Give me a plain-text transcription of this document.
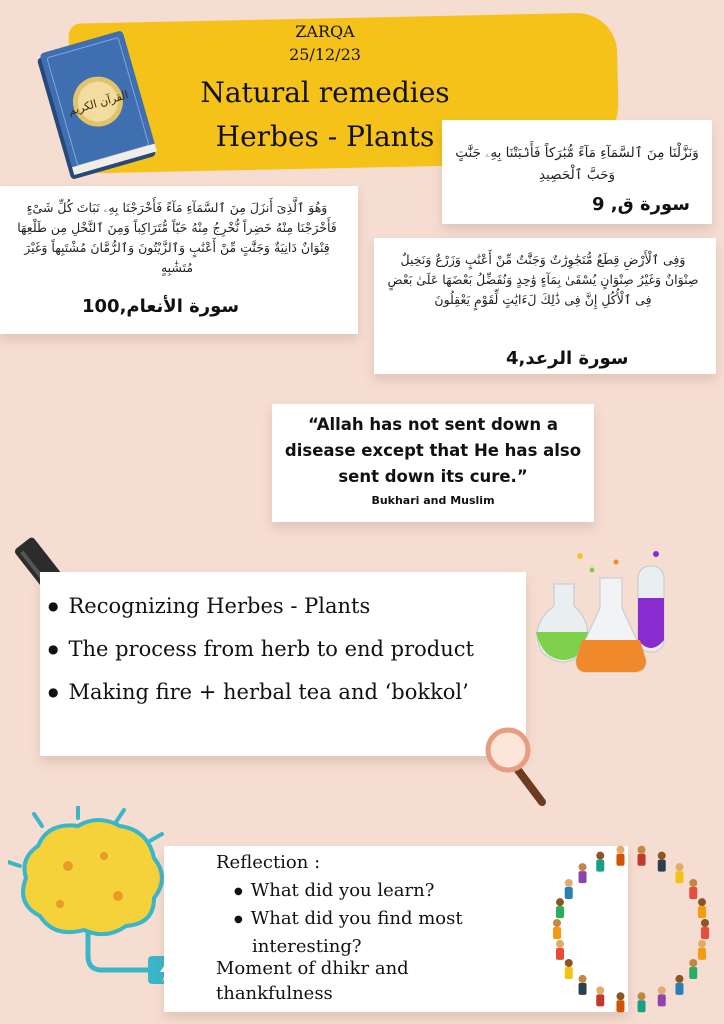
ZARQA
25/12/23
Natural remedies
Herbes - Plants
القرآن الكريم
وَنَزَّلْنَا مِنَ ٱلسَّمَآءِ مَآءً مُّبَٰرَكاً فَأَنۢبَتْنَا بِهِۦ جَنَّٰتٍ وَحَبَّ ٱلْحَصِيدِ
سورة ق, 9
وَهُوَ ٱلَّذِىٓ أَنزَلَ مِنَ ٱلسَّمَآءِ مَآءً فَأَخْرَجْنَا بِهِۦ نَبَاتَ كُلِّ شَىْءٍ فَأَخْرَجْنَا مِنْهُ خَضِراً نُّخْرِجُ مِنْهُ حَبّاً مُّتَرَاكِباً وَمِنَ ٱلنَّخْلِ مِن طَلْعِهَا قِنْوَانٌ دَانِيَةٌ وَجَنَّٰتٍ مِّنْ أَعْنَٰبٍ وَٱلزَّيْتُونَ وَٱلرُّمَّانَ مُشْتَبِهاً وَغَيْرَ مُتَشَٰبِهٍ
سورة الأنعام,100
وَفِى ٱلْأَرْضِ قِطَعٌ مُّتَجَٰوِرَٰتٌ وَجَنَّٰتٌ مِّنْ أَعْنَٰبٍ وَزَرْعٌ وَنَخِيلٌ صِنْوَانٌ وَغَيْرُ صِنْوَانٍ يُسْقَىٰ بِمَآءٍ وَٰحِدٍ وَنُفَضِّلُ بَعْضَهَا عَلَىٰ بَعْضٍ فِى ٱلْأُكُلِ إِنَّ فِى ذَٰلِكَ لَءَايَٰتٍ لِّقَوْمٍ يَعْقِلُونَ
سورة الرعد,4
“Allah has not sent down a disease except that He has also sent down its cure.”
Bukhari and Muslim
● Recognizing Herbes - Plants
● The process from herb to end product
● Making fire + herbal tea and ‘bokkol’
Reflection :
● What did you learn?
● What did you find most interesting?
Moment of dhikr and thankfulness
